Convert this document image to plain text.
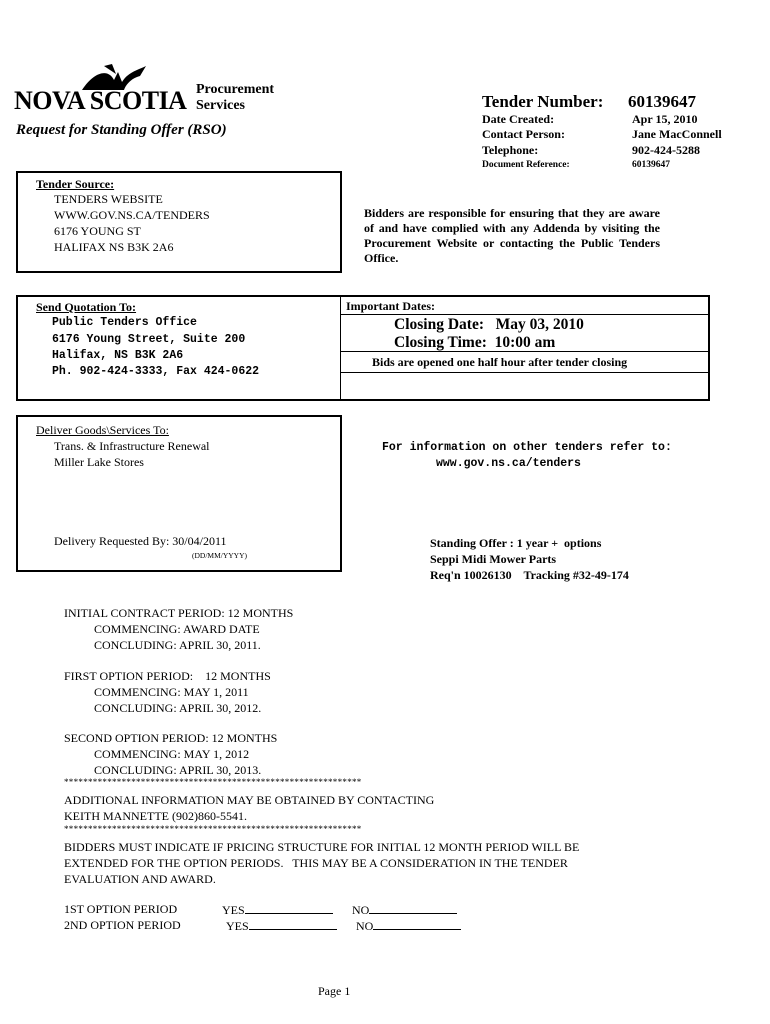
NOVA SCOTIA Procurement
Services
Request for Standing Offer (RSO)
Tender Number: 60139647
Date Created:	Apr 15, 2010
Contact Person:	Jane MacConnell
Telephone:	902-424-5288
Document Reference:	60139647
Tender Source:
TENDERS WEBSITE
WWW.GOV.NS.CA/TENDERS
6176 YOUNG ST
HALIFAX NS B3K 2A6
Bidders are responsible for ensuring that they are aware of and have complied with any Addenda by visiting the Procurement Website or contacting the Public Tenders Office.
Send Quotation To:
Public Tenders Office
6176 Young Street, Suite 200
Halifax, NS B3K 2A6
Ph. 902-424-3333, Fax 424-0622
Important Dates:
Closing Date:   May 03, 2010
Closing Time:  10:00 am
Bids are opened one half hour after tender closing
Deliver Goods\Services To:
Trans. & Infrastructure Renewal
Miller Lake Stores
Delivery Requested By: 30/04/2011
(DD/MM/YYYY)
For information on other tenders refer to:
www.gov.ns.ca/tenders
Standing Offer : 1 year +  options
Seppi Midi Mower Parts
Req'n 10026130    Tracking #32-49-174
INITIAL CONTRACT PERIOD: 12 MONTHS
COMMENCING: AWARD DATE
CONCLUDING: APRIL 30, 2011.
FIRST OPTION PERIOD:    12 MONTHS
COMMENCING: MAY 1, 2011
CONCLUDING: APRIL 30, 2012.
SECOND OPTION PERIOD: 12 MONTHS
COMMENCING: MAY 1, 2012
CONCLUDING: APRIL 30, 2013.
**************************************************************
ADDITIONAL INFORMATION MAY BE OBTAINED BY CONTACTING
KEITH MANNETTE (902)860-5541.
**************************************************************
BIDDERS MUST INDICATE IF PRICING STRUCTURE FOR INITIAL 12 MONTH PERIOD WILL BE
EXTENDED FOR THE OPTION PERIODS.   THIS MAY BE A CONSIDERATION IN THE TENDER
EVALUATION AND AWARD.
1ST OPTION PERIOD	YES	NO
2ND OPTION PERIOD	YES	NO
Page 1
